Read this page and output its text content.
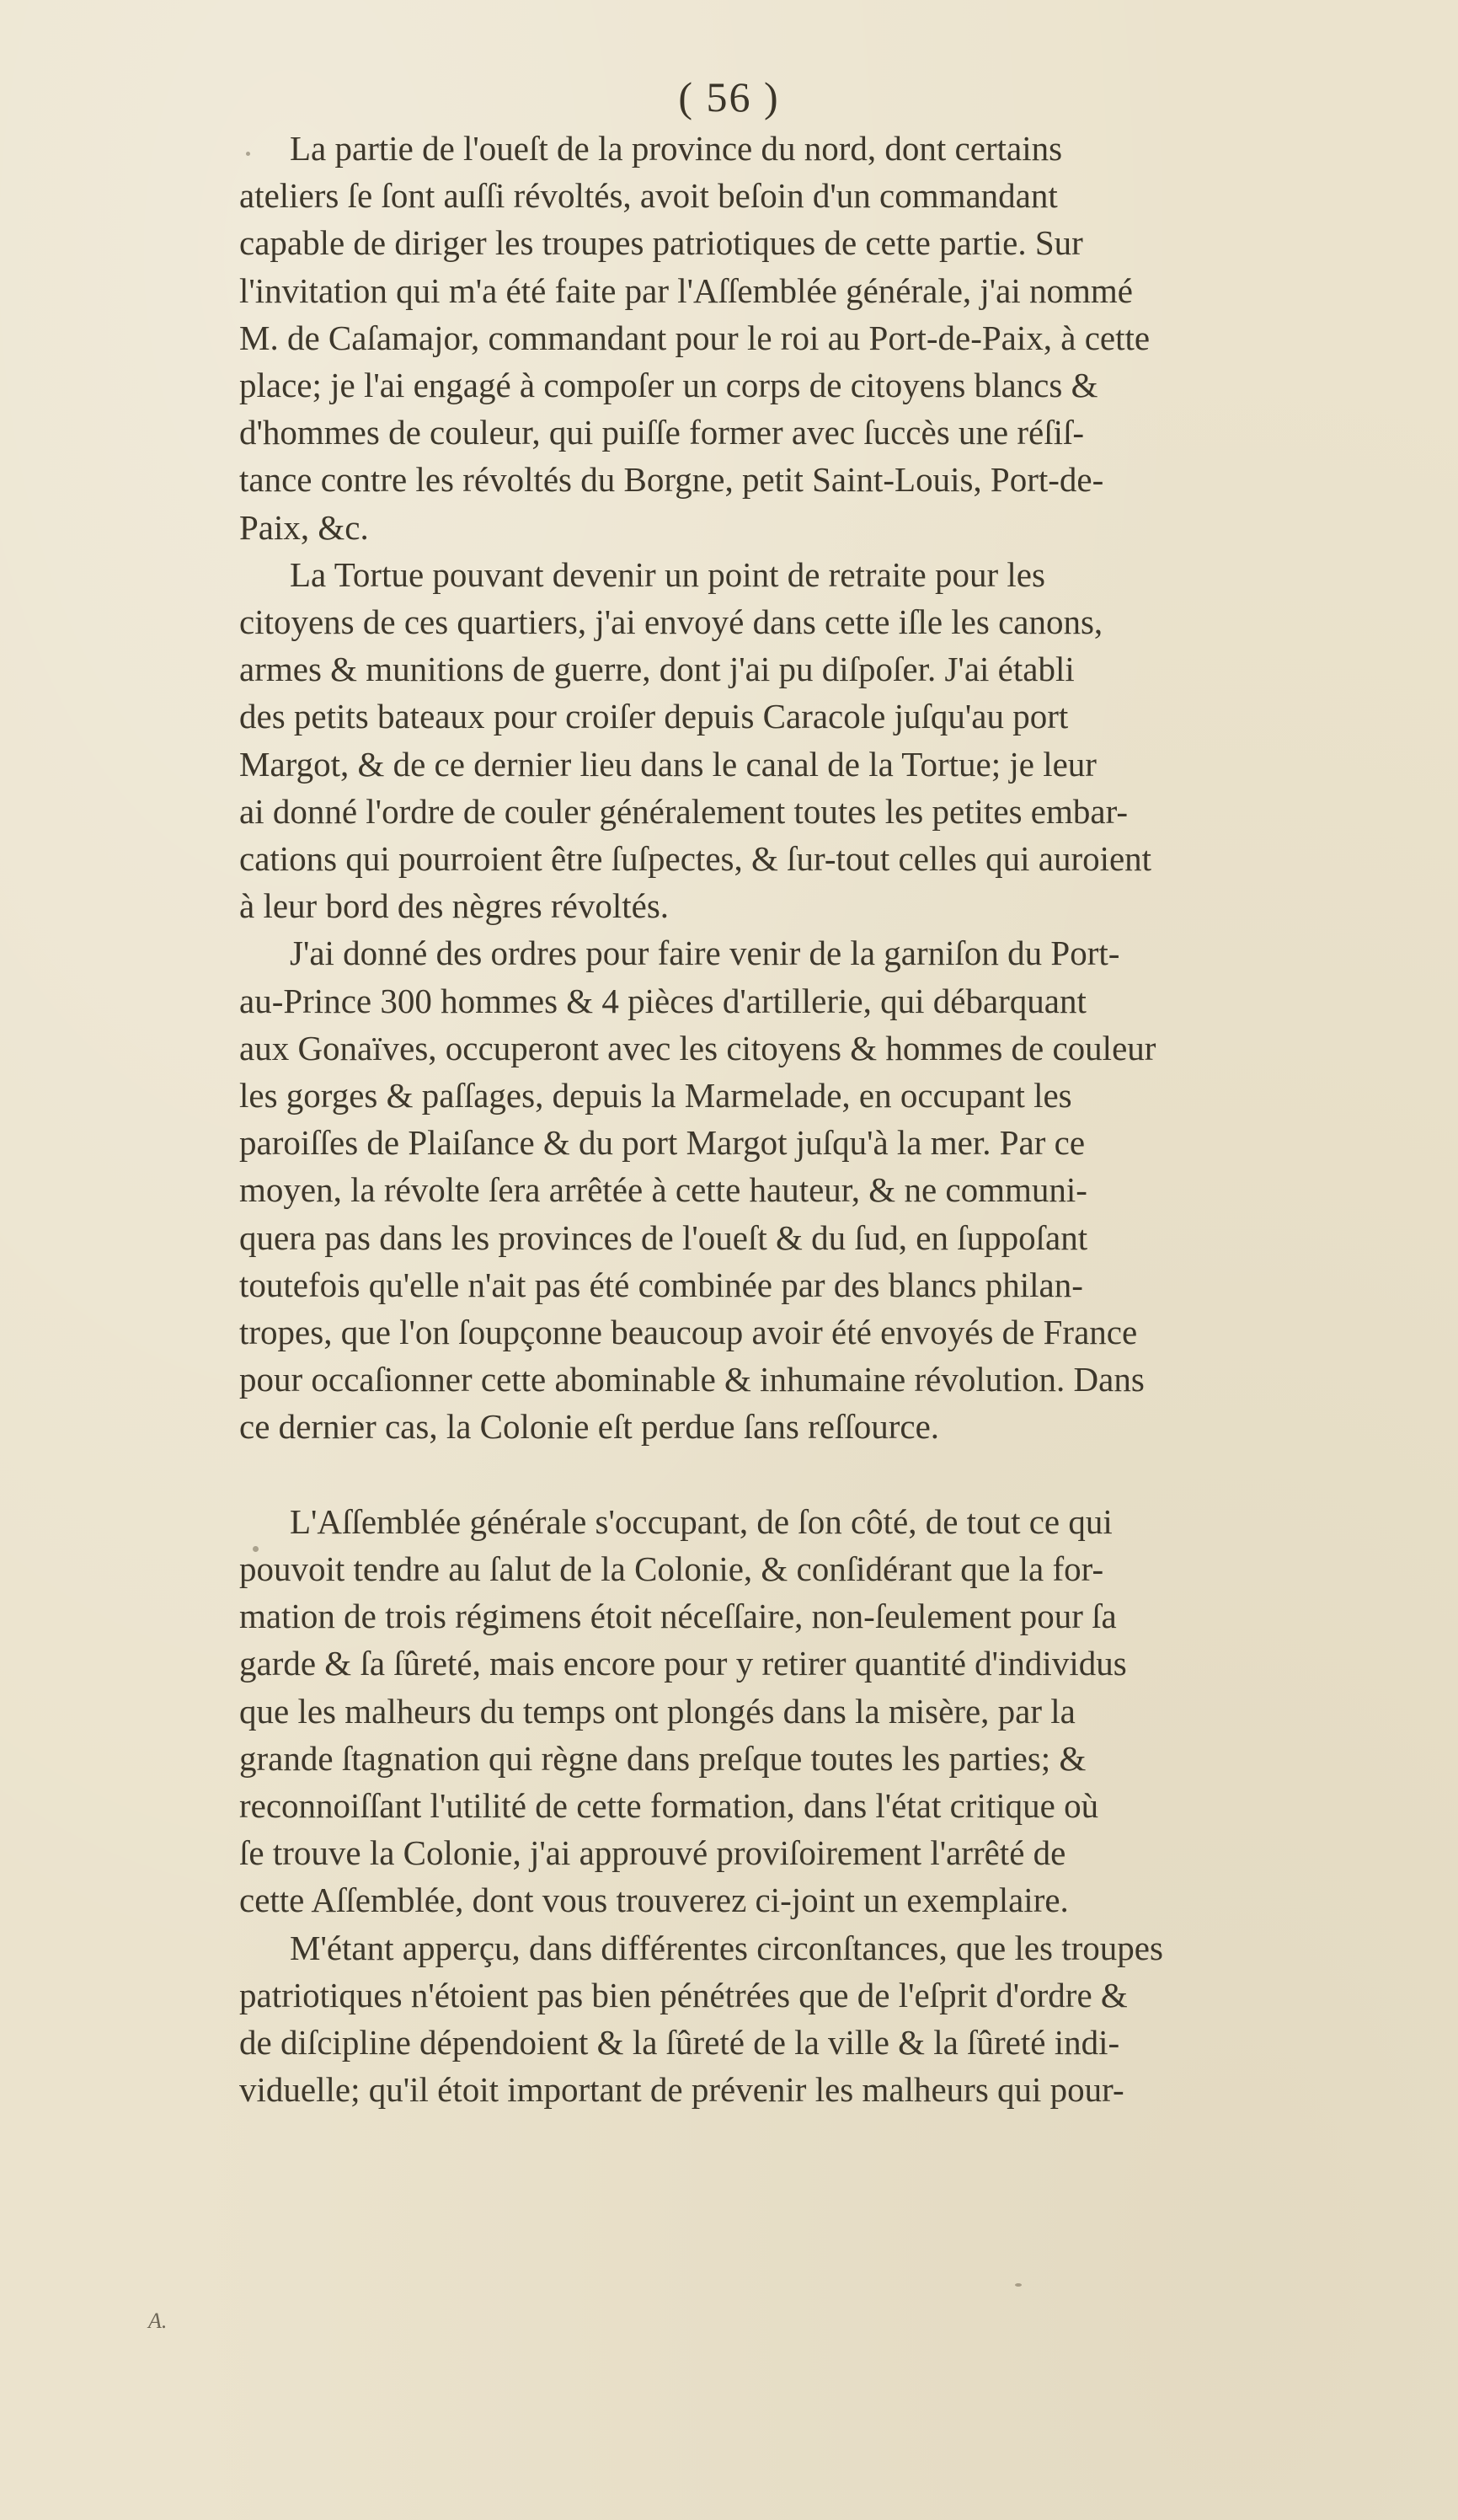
( 56 )

La partie de l'oueſt de la province du nord, dont certains
ateliers ſe ſont auſſi révoltés, avoit beſoin d'un commandant
capable de diriger les troupes patriotiques de cette partie. Sur
l'invitation qui m'a été faite par l'Aſſemblée générale, j'ai nommé
M. de Caſamajor, commandant pour le roi au Port-de-Paix, à cette
place; je l'ai engagé à compoſer un corps de citoyens blancs &
d'hommes de couleur, qui puiſſe former avec ſuccès une réſiſ-
tance contre les révoltés du Borgne, petit Saint-Louis, Port-de-
Paix, &c.

La Tortue pouvant devenir un point de retraite pour les
citoyens de ces quartiers, j'ai envoyé dans cette iſle les canons,
armes & munitions de guerre, dont j'ai pu diſpoſer. J'ai établi
des petits bateaux pour croiſer depuis Caracole juſqu'au port
Margot, & de ce dernier lieu dans le canal de la Tortue; je leur
ai donné l'ordre de couler généralement toutes les petites embar-
cations qui pourroient être ſuſpectes, & ſur-tout celles qui auroient
à leur bord des nègres révoltés.

J'ai donné des ordres pour faire venir de la garniſon du Port-
au-Prince 300 hommes & 4 pièces d'artillerie, qui débarquant
aux Gonaïves, occuperont avec les citoyens & hommes de couleur
les gorges & paſſages, depuis la Marmelade, en occupant les
paroiſſes de Plaiſance & du port Margot juſqu'à la mer. Par ce
moyen, la révolte ſera arrêtée à cette hauteur, & ne communi-
quera pas dans les provinces de l'oueſt & du ſud, en ſuppoſant
toutefois qu'elle n'ait pas été combinée par des blancs philan-
tropes, que l'on ſoupçonne beaucoup avoir été envoyés de France
pour occaſionner cette abominable & inhumaine révolution. Dans
ce dernier cas, la Colonie eſt perdue ſans reſſource.

L'Aſſemblée générale s'occupant, de ſon côté, de tout ce qui
pouvoit tendre au ſalut de la Colonie, & conſidérant que la for-
mation de trois régimens étoit néceſſaire, non-ſeulement pour ſa
garde & ſa ſûreté, mais encore pour y retirer quantité d'individus
que les malheurs du temps ont plongés dans la misère, par la
grande ſtagnation qui règne dans preſque toutes les parties; &
reconnoiſſant l'utilité de cette formation, dans l'état critique où
ſe trouve la Colonie, j'ai approuvé proviſoirement l'arrêté de
cette Aſſemblée, dont vous trouverez ci-joint un exemplaire.

M'étant apperçu, dans différentes circonſtances, que les troupes
patriotiques n'étoient pas bien pénétrées que de l'eſprit d'ordre &
de diſcipline dépendoient & la ſûreté de la ville & la ſûreté indi-
viduelle; qu'il étoit important de prévenir les malheurs qui pour-

A.
